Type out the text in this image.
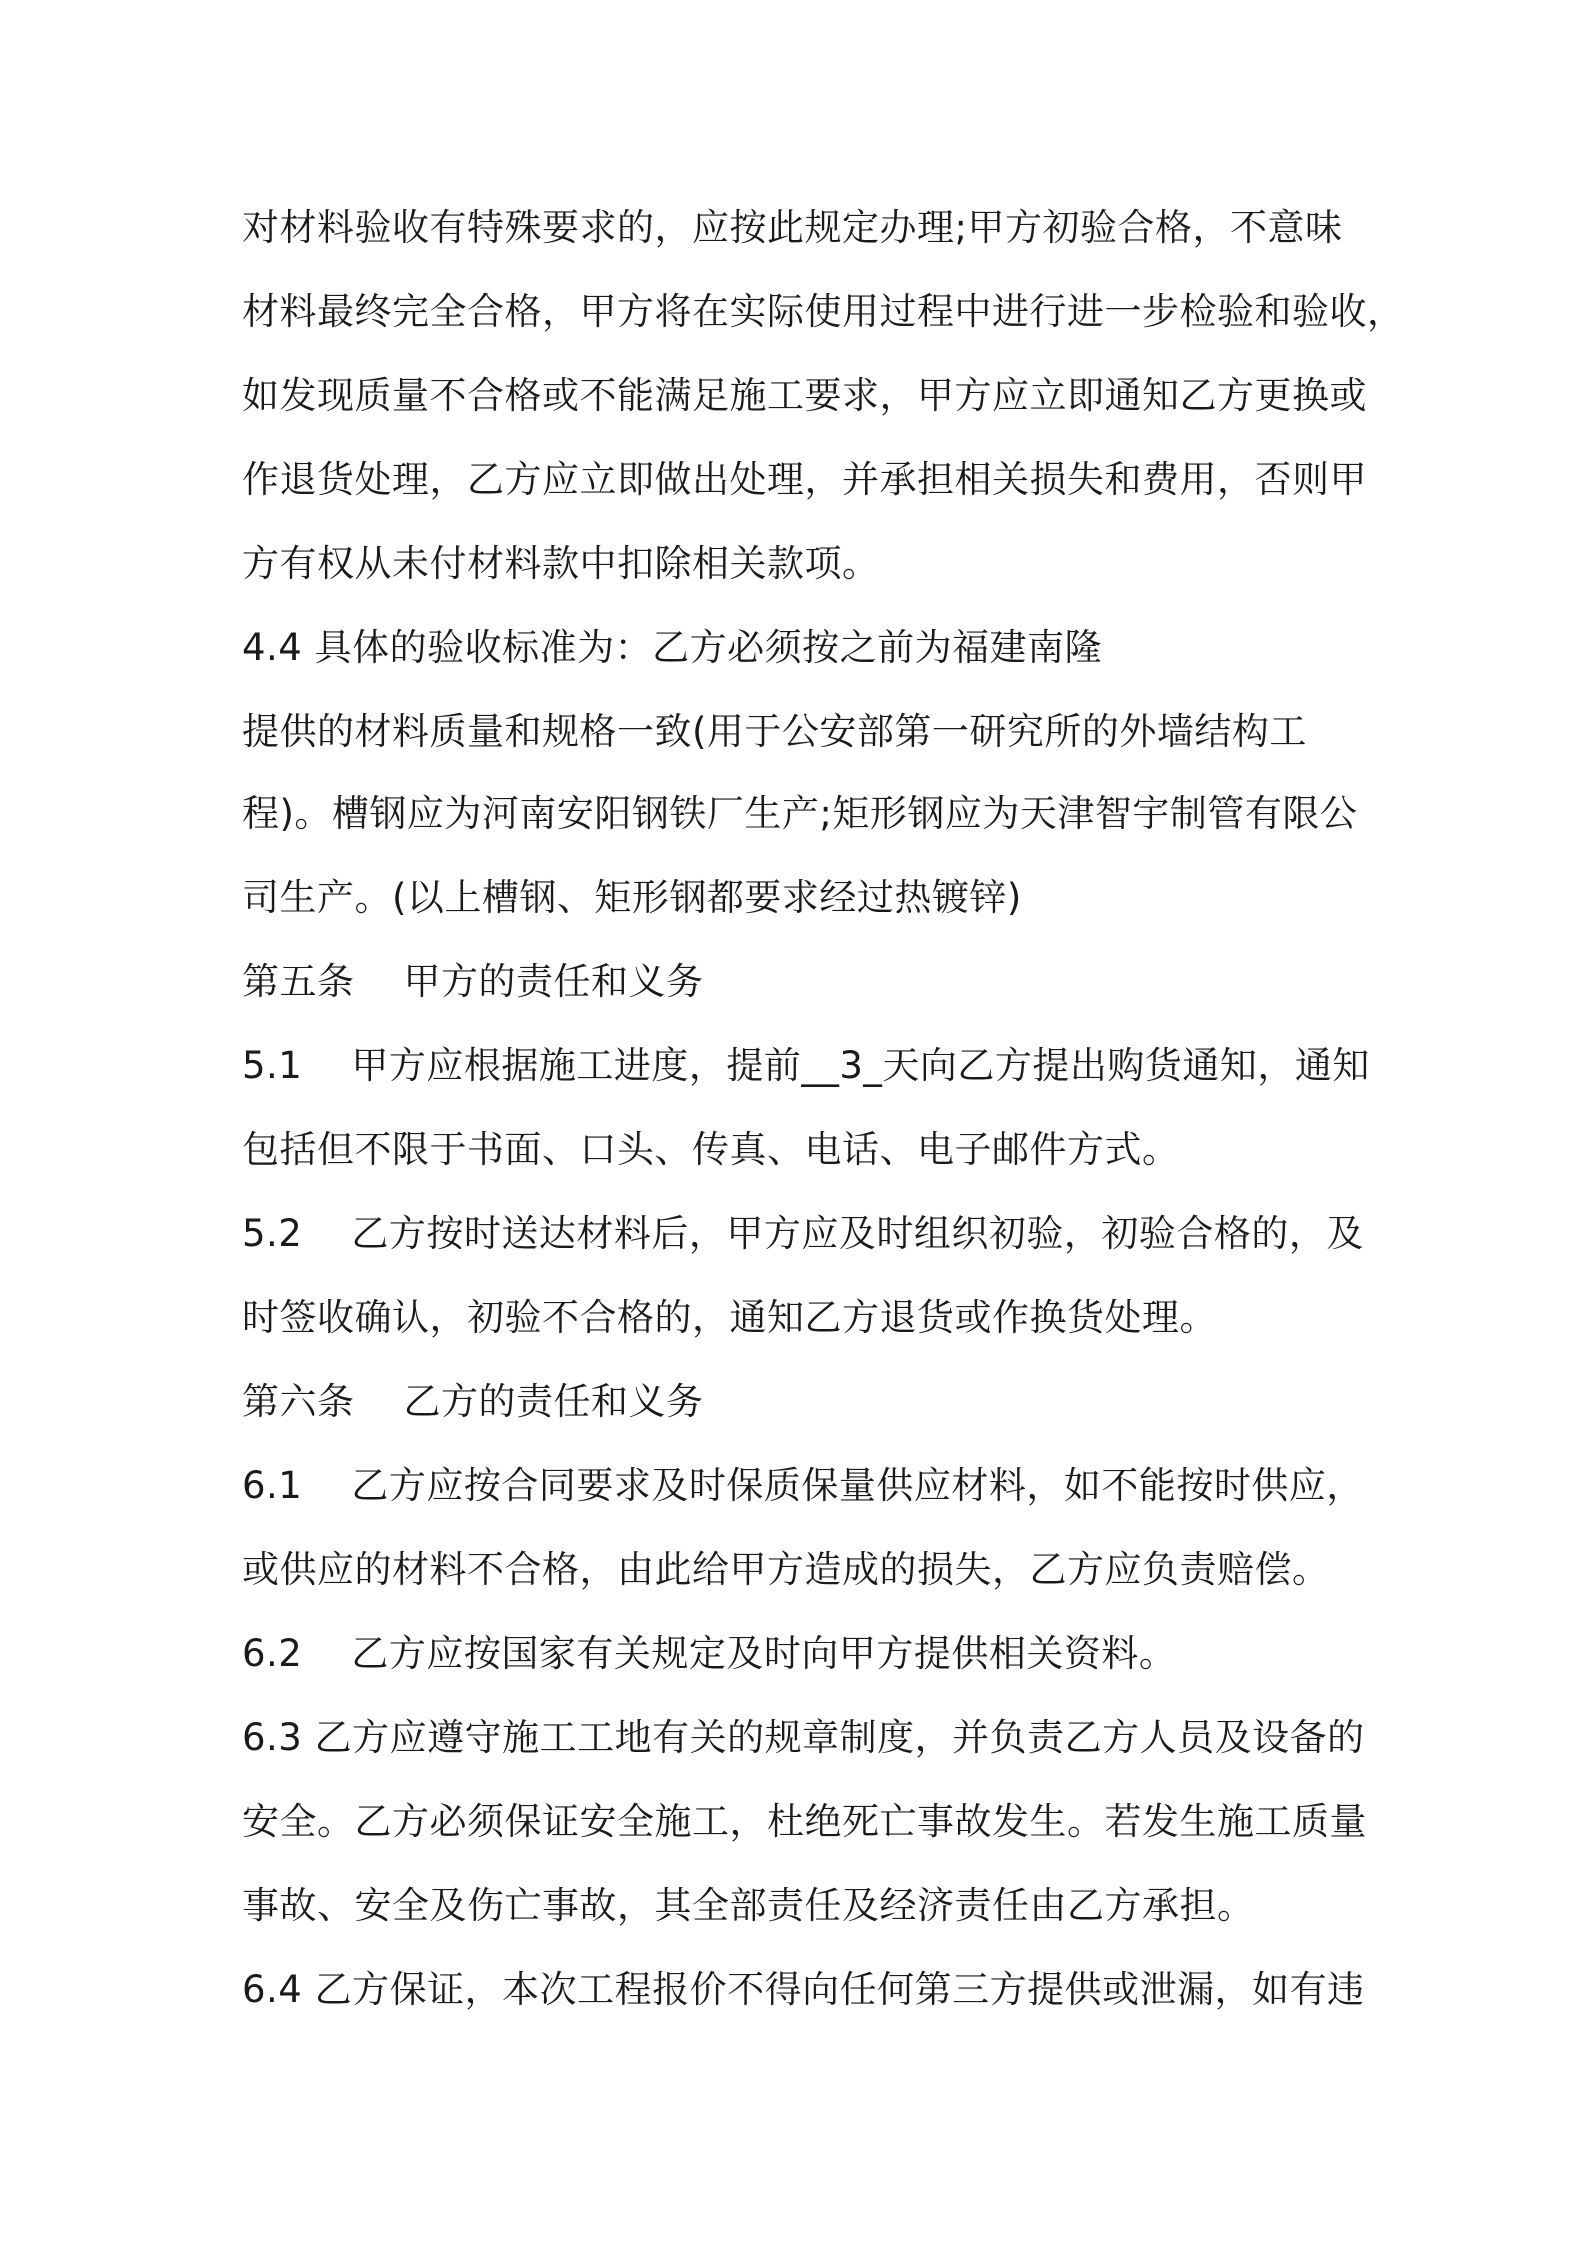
对材料验收有特殊要求的，应按此规定办理;甲方初验合格，不意味

材料最终完全合格，甲方将在实际使用过程中进行进一步检验和验收，

如发现质量不合格或不能满足施工要求，甲方应立即通知乙方更换或

作退货处理，乙方应立即做出处理，并承担相关损失和费用，否则甲

方有权从未付材料款中扣除相关款项。

4.4 具体的验收标准为：乙方必须按之前为福建南隆

提供的材料质量和规格一致(用于公安部第一研究所的外墙结构工

程)。槽钢应为河南安阳钢铁厂生产;矩形钢应为天津智宇制管有限公

司生产。(以上槽钢、矩形钢都要求经过热镀锌)

第五条    甲方的责任和义务

5.1    甲方应根据施工进度，提前__3_天向乙方提出购货通知，通知

包括但不限于书面、口头、传真、电话、电子邮件方式。

5.2    乙方按时送达材料后，甲方应及时组织初验，初验合格的，及

时签收确认，初验不合格的，通知乙方退货或作换货处理。

第六条    乙方的责任和义务

6.1    乙方应按合同要求及时保质保量供应材料，如不能按时供应，

或供应的材料不合格，由此给甲方造成的损失，乙方应负责赔偿。

6.2    乙方应按国家有关规定及时向甲方提供相关资料。

6.3 乙方应遵守施工工地有关的规章制度，并负责乙方人员及设备的

安全。乙方必须保证安全施工，杜绝死亡事故发生。若发生施工质量

事故、安全及伤亡事故，其全部责任及经济责任由乙方承担。

6.4 乙方保证，本次工程报价不得向任何第三方提供或泄漏，如有违
